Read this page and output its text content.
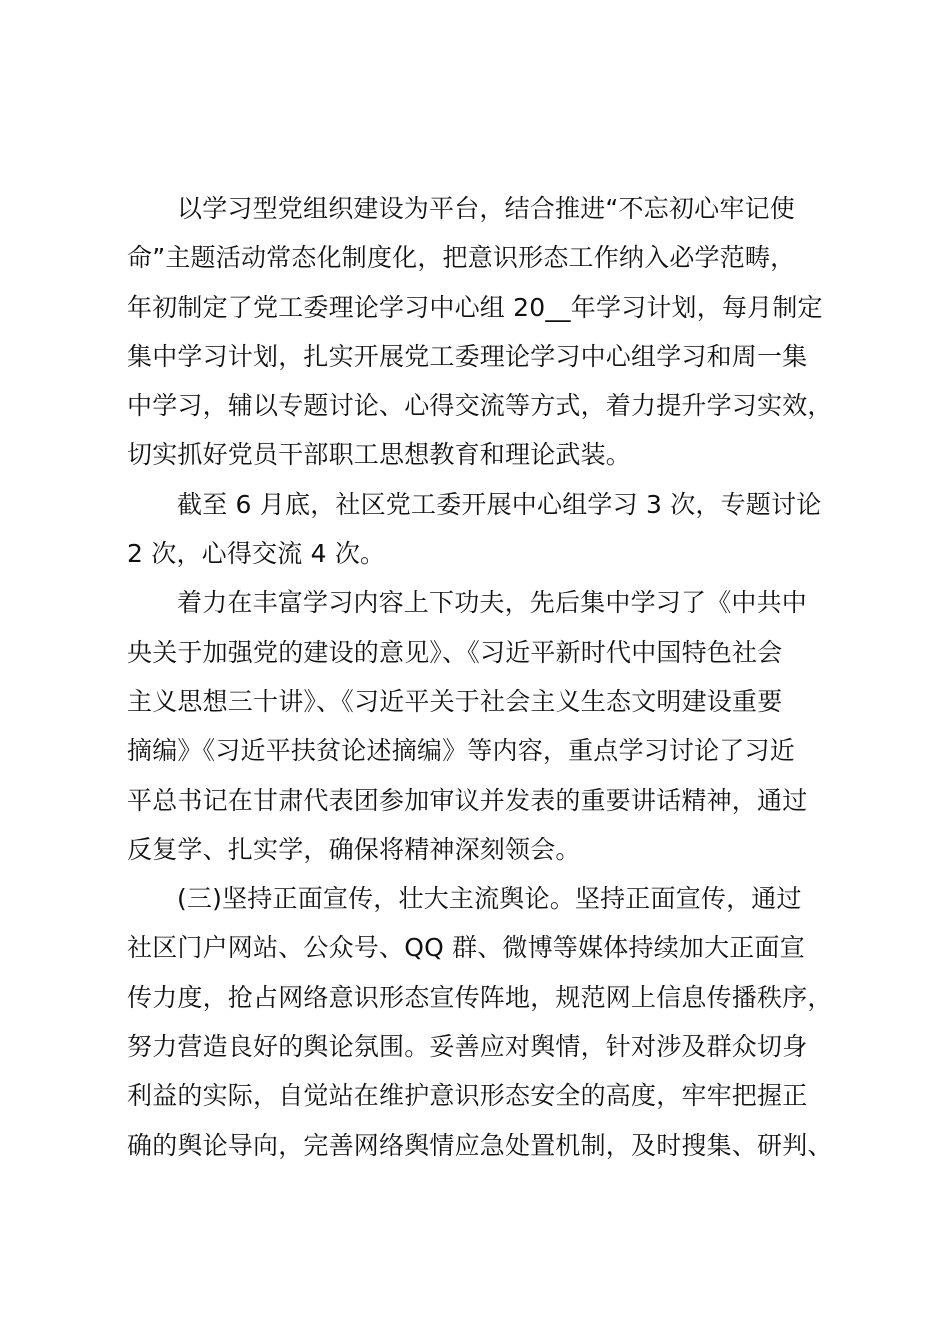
以学习型党组织建设为平台，结合推进“不忘初心牢记使
命”主题活动常态化制度化，把意识形态工作纳入必学范畴，
年初制定了党工委理论学习中心组 20__年学习计划，每月制定
集中学习计划，扎实开展党工委理论学习中心组学习和周一集
中学习，辅以专题讨论、心得交流等方式，着力提升学习实效，
切实抓好党员干部职工思想教育和理论武装。
截至 6 月底，社区党工委开展中心组学习 3 次，专题讨论
2 次，心得交流 4 次。
着力在丰富学习内容上下功夫，先后集中学习了《中共中
央关于加强党的建设的意见》、《习近平新时代中国特色社会
主义思想三十讲》、《习近平关于社会主义生态文明建设重要
摘编》《习近平扶贫论述摘编》等内容，重点学习讨论了习近
平总书记在甘肃代表团参加审议并发表的重要讲话精神，通过
反复学、扎实学，确保将精神深刻领会。
(三)坚持正面宣传，壮大主流舆论。坚持正面宣传，通过
社区门户网站、公众号、QQ 群、微博等媒体持续加大正面宣
传力度，抢占网络意识形态宣传阵地，规范网上信息传播秩序，
努力营造良好的舆论氛围。妥善应对舆情，针对涉及群众切身
利益的实际，自觉站在维护意识形态安全的高度，牢牢把握正
确的舆论导向，完善网络舆情应急处置机制，及时搜集、研判、
